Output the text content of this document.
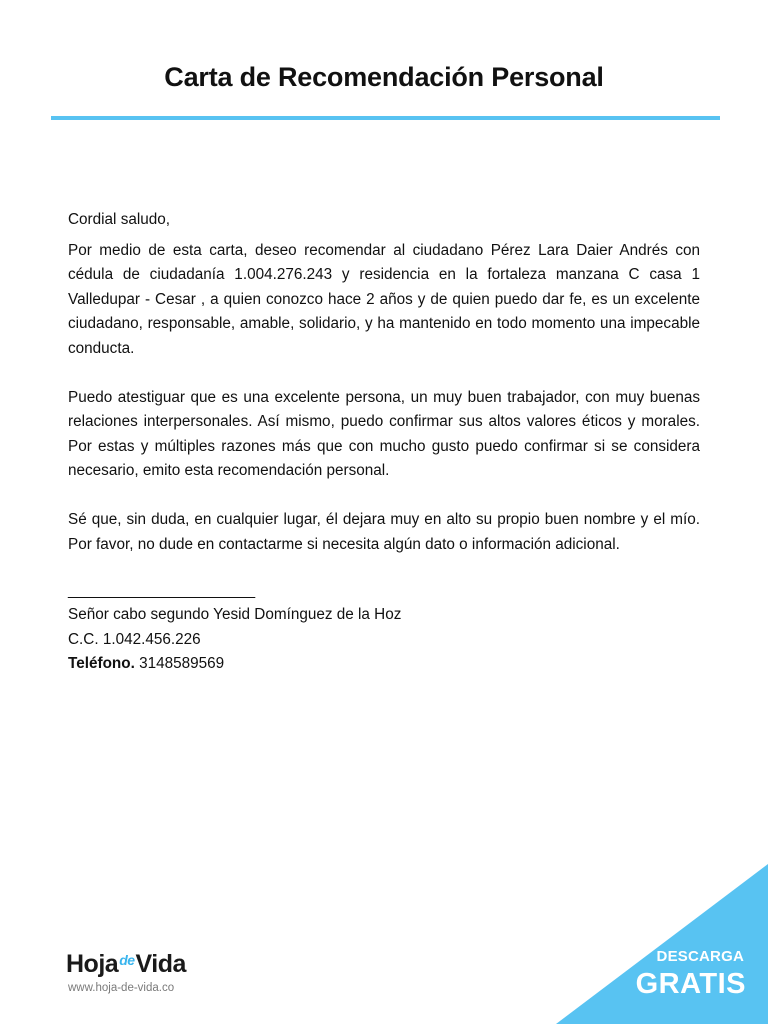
Carta de Recomendación Personal

Cordial saludo,

Por medio de esta carta, deseo recomendar al ciudadano Pérez Lara Daier Andrés con cédula de ciudadanía 1.004.276.243 y residencia en la fortaleza manzana C casa 1 Valledupar - Cesar , a quien conozco hace 2 años y de quien puedo dar fe, es un excelente ciudadano, responsable, amable, solidario, y ha mantenido en todo momento una impecable conducta.

Puedo atestiguar que es una excelente persona, un muy buen trabajador, con muy buenas relaciones interpersonales. Así mismo, puedo confirmar sus altos valores éticos y morales. Por estas y múltiples razones más que con mucho gusto puedo confirmar si se considera necesario, emito esta recomendación personal.

Sé que, sin duda, en cualquier lugar, él dejara muy en alto su propio buen nombre y el mío. Por favor, no dude en contactarme si necesita algún dato o información adicional.

______________________

Señor cabo segundo Yesid Domínguez de la Hoz

C.C. 1.042.456.226

Teléfono. 3148589569

Hoja de Vida
www.hoja-de-vida.co
DESCARGA
GRATIS
